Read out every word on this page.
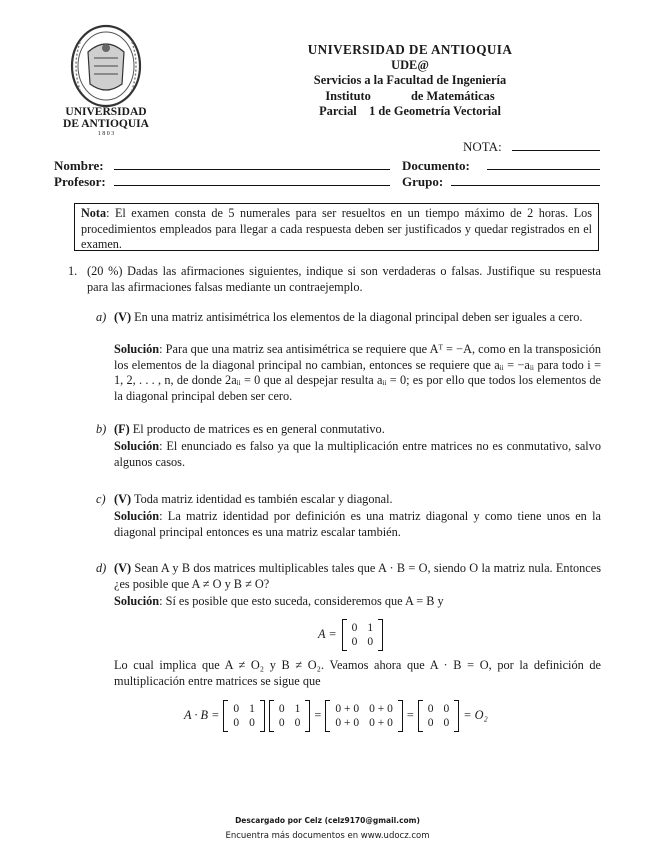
UNIVERSIDAD
DE ANTIOQUIA
1 8 0 3
UNIVERSIDAD DE ANTIOQUIA
UDE@
Servicios a la Facultad de Ingeniería
Instituto	de Matemáticas
Parcial    1 de Geometría Vectorial
NOTA:
Nombre:	Documento:
Profesor:	Grupo:
Nota: El examen consta de 5 numerales para ser resueltos en un tiempo máximo de 2 horas. Los procedimientos empleados para llegar a cada respuesta deben ser justificados y quedar registrados en el examen.
1. (20 %) Dadas las afirmaciones siguientes, indique si son verdaderas o falsas. Justifique su respuesta para las afirmaciones falsas mediante un contraejemplo.
a) (V) En una matriz antisimétrica los elementos de la diagonal principal deben ser iguales a cero.
Solución: Para que una matriz sea antisimétrica se requiere que Aᵀ = −A, como en la transposición los elementos de la diagonal principal no cambian, entonces se requiere que aᵢᵢ = −aᵢᵢ para todo i = 1, 2, . . . , n, de donde 2aᵢᵢ = 0 que al despejar resulta aᵢᵢ = 0; es por ello que todos los elementos de la diagonal principal deben ser cero.
b) (F) El producto de matrices es en general conmutativo.
Solución: El enunciado es falso ya que la multiplicación entre matrices no es conmutativo, salvo algunos casos.
c) (V) Toda matriz identidad es también escalar y diagonal.
Solución: La matriz identidad por definición es una matriz diagonal y como tiene unos en la diagonal principal entonces es una matriz escalar también.
d) (V) Sean A y B dos matrices multiplicables tales que A · B = O, siendo O la matriz nula. Entonces ¿es posible que A ≠ O y B ≠ O?
Solución: Sí es posible que esto suceda, consideremos que A = B y
A = 0 1
0 0
Lo cual implica que A ≠ O₂ y B ≠ O₂. Veamos ahora que A · B = O, por la definición de multiplicación entre matrices se sigue que
A · B = 0 1
0 0
0 1
0 0
= 0 + 0 0 + 0
0 + 0 0 + 0
= 0 0
0 0
= O₂
Descargado por Celz (celz9170@gmail.com)
Encuentra más documentos en www.udocz.com
